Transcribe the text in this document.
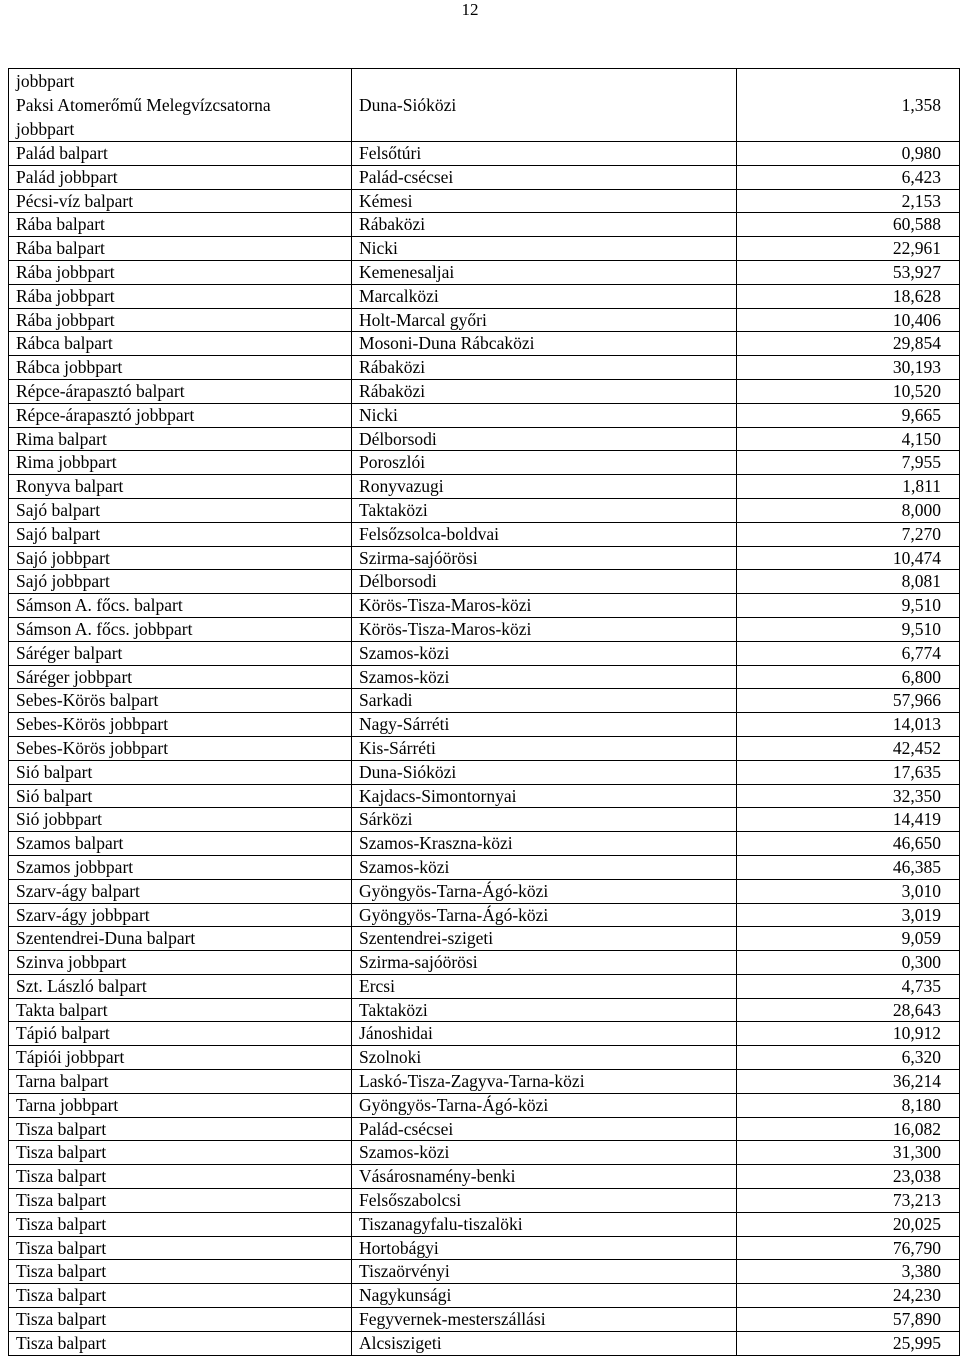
12
jobbpart
Paksi Atomerőmű Melegvízcsatorna
jobbpart	Duna-Sióközi	1,358
Palád balpart	Felsőtúri	0,980
Palád jobbpart	Palád-csécsei	6,423
Pécsi-víz balpart	Kémesi	2,153
Rába balpart	Rábaközi	60,588
Rába balpart	Nicki	22,961
Rába jobbpart	Kemenesaljai	53,927
Rába jobbpart	Marcalközi	18,628
Rába jobbpart	Holt-Marcal győri	10,406
Rábca balpart	Mosoni-Duna Rábcaközi	29,854
Rábca jobbpart	Rábaközi	30,193
Répce-árapasztó balpart	Rábaközi	10,520
Répce-árapasztó jobbpart	Nicki	9,665
Rima balpart	Délborsodi	4,150
Rima jobbpart	Poroszlói	7,955
Ronyva balpart	Ronyvazugi	1,811
Sajó balpart	Taktaközi	8,000
Sajó balpart	Felsőzsolca-boldvai	7,270
Sajó jobbpart	Szirma-sajóörösi	10,474
Sajó jobbpart	Délborsodi	8,081
Sámson A. főcs. balpart	Körös-Tisza-Maros-közi	9,510
Sámson A. főcs. jobbpart	Körös-Tisza-Maros-közi	9,510
Sáréger balpart	Szamos-közi	6,774
Sáréger jobbpart	Szamos-közi	6,800
Sebes-Körös balpart	Sarkadi	57,966
Sebes-Körös jobbpart	Nagy-Sárréti	14,013
Sebes-Körös jobbpart	Kis-Sárréti	42,452
Sió balpart	Duna-Sióközi	17,635
Sió balpart	Kajdacs-Simontornyai	32,350
Sió jobbpart	Sárközi	14,419
Szamos balpart	Szamos-Kraszna-közi	46,650
Szamos jobbpart	Szamos-közi	46,385
Szarv-ágy balpart	Gyöngyös-Tarna-Ágó-közi	3,010
Szarv-ágy jobbpart	Gyöngyös-Tarna-Ágó-közi	3,019
Szentendrei-Duna balpart	Szentendrei-szigeti	9,059
Szinva jobbpart	Szirma-sajóörösi	0,300
Szt. László balpart	Ercsi	4,735
Takta balpart	Taktaközi	28,643
Tápió balpart	Jánoshidai	10,912
Tápiói jobbpart	Szolnoki	6,320
Tarna balpart	Laskó-Tisza-Zagyva-Tarna-közi	36,214
Tarna jobbpart	Gyöngyös-Tarna-Ágó-közi	8,180
Tisza balpart	Palád-csécsei	16,082
Tisza balpart	Szamos-közi	31,300
Tisza balpart	Vásárosnamény-benki	23,038
Tisza balpart	Felsőszabolcsi	73,213
Tisza balpart	Tiszanagyfalu-tiszalöki	20,025
Tisza balpart	Hortobágyi	76,790
Tisza balpart	Tiszaörvényi	3,380
Tisza balpart	Nagykunsági	24,230
Tisza balpart	Fegyvernek-mesterszállási	57,890
Tisza balpart	Alcsiszigeti	25,995
